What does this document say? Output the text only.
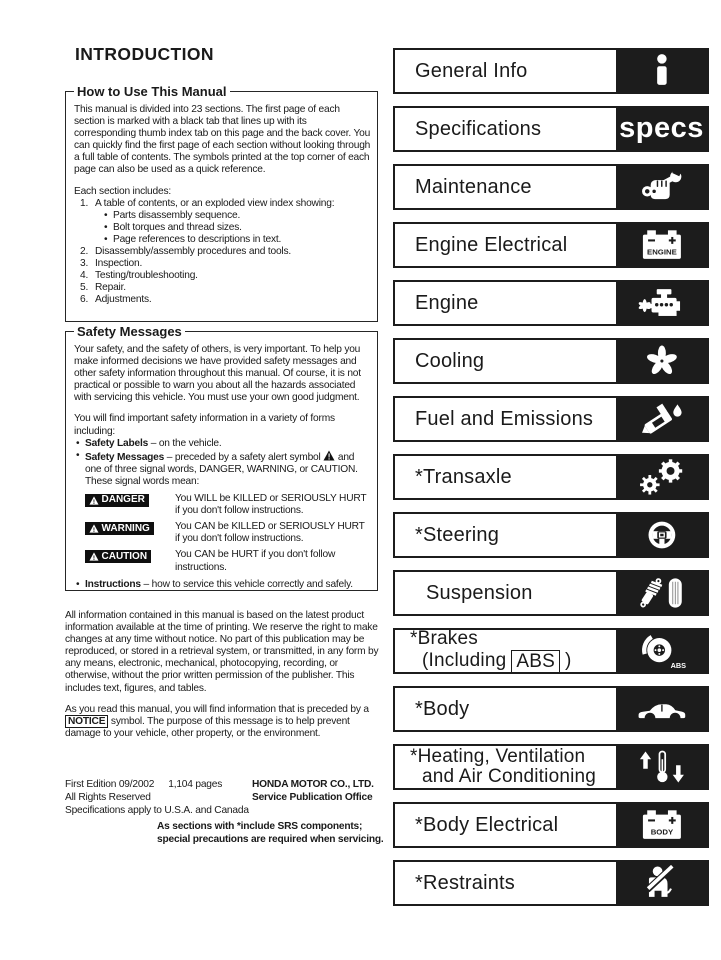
INTRODUCTION
How to Use This Manual

This manual is divided into 23 sections. The first page of each section is marked with a black tab that lines up with its corresponding thumb index tab on this page and the back cover. You can quickly find the first page of each section without looking through a full table of contents. The symbols printed at the top corner of each page can also be used as a quick reference.

Each section includes:
1. A table of contents, or an exploded view index showing:
• Parts disassembly sequence.
• Bolt torques and thread sizes.
• Page references to descriptions in text.
2. Disassembly/assembly procedures and tools.
3. Inspection.
4. Testing/troubleshooting.
5. Repair.
6. Adjustments.
Safety Messages

Your safety, and the safety of others, is very important. To help you make informed decisions we have provided safety messages and other safety information throughout this manual. Of course, it is not practical or possible to warn you about all the hazards associated with servicing this vehicle. You must use your own good judgment.

You will find important safety information in a variety of forms including:
• Safety Labels – on the vehicle.
• Safety Messages – preceded by a safety alert symbol ! and one of three signal words, DANGER, WARNING, or CAUTION. These signal words mean:
! DANGER	You WILL be KILLED or SERIOUSLY HURT if you don't follow instructions.
! WARNING	You CAN be KILLED or SERIOUSLY HURT if you don't follow instructions.
! CAUTION	You CAN be HURT if you don't follow instructions.
• Instructions – how to service this vehicle correctly and safely.

All information contained in this manual is based on the latest product information available at the time of printing. We reserve the right to make changes at any time without notice. No part of this publication may be reproduced, or stored in a retrieval system, or transmitted, in any form by any means, electronic, mechanical, photocopying, recording, or otherwise, without the prior written permission of the publisher. This includes text, figures, and tables.

As you read this manual, you will find information that is preceded by a NOTICE symbol. The purpose of this message is to help prevent damage to your vehicle, other property, or the environment.

First Edition 09/2002 1,104 pages
All Rights Reserved
Specifications apply to U.S.A. and Canada
HONDA MOTOR CO., LTD.
Service Publication Office
As sections with *include SRS components;
special precautions are required when servicing.
General Info
Specifications	specs
Maintenance
Engine Electrical	ENGINE
Engine
Cooling
Fuel and Emissions
*Transaxle
*Steering
Suspension
*Brakes
(Including ABS )	ABS
*Body
*Heating, Ventilation
and Air Conditioning
*Body Electrical	BODY
*Restraints
